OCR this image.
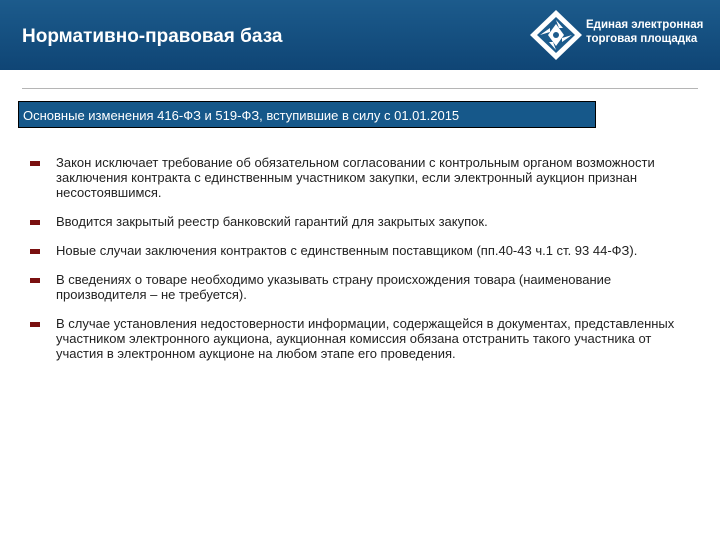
Нормативно-правовая база
Единая электронная
торговая площадка
Основные изменения 416-ФЗ и 519-ФЗ, вступившие в силу с 01.01.2015
Закон исключает требование об обязательном согласовании с контрольным органом возможности заключения контракта с единственным участником закупки, если электронный аукцион признан несостоявшимся.
Вводится закрытый реестр банковский гарантий для закрытых закупок.
Новые случаи заключения контрактов с единственным поставщиком (пп.40-43 ч.1 ст. 93 44-ФЗ).
В сведениях о товаре необходимо указывать страну происхождения товара (наименование производителя – не требуется).
В случае установления недостоверности информации, содержащейся в документах, представленных участником электронного аукциона, аукционная комиссия обязана отстранить такого участника от участия в электронном аукционе на любом этапе его проведения.
